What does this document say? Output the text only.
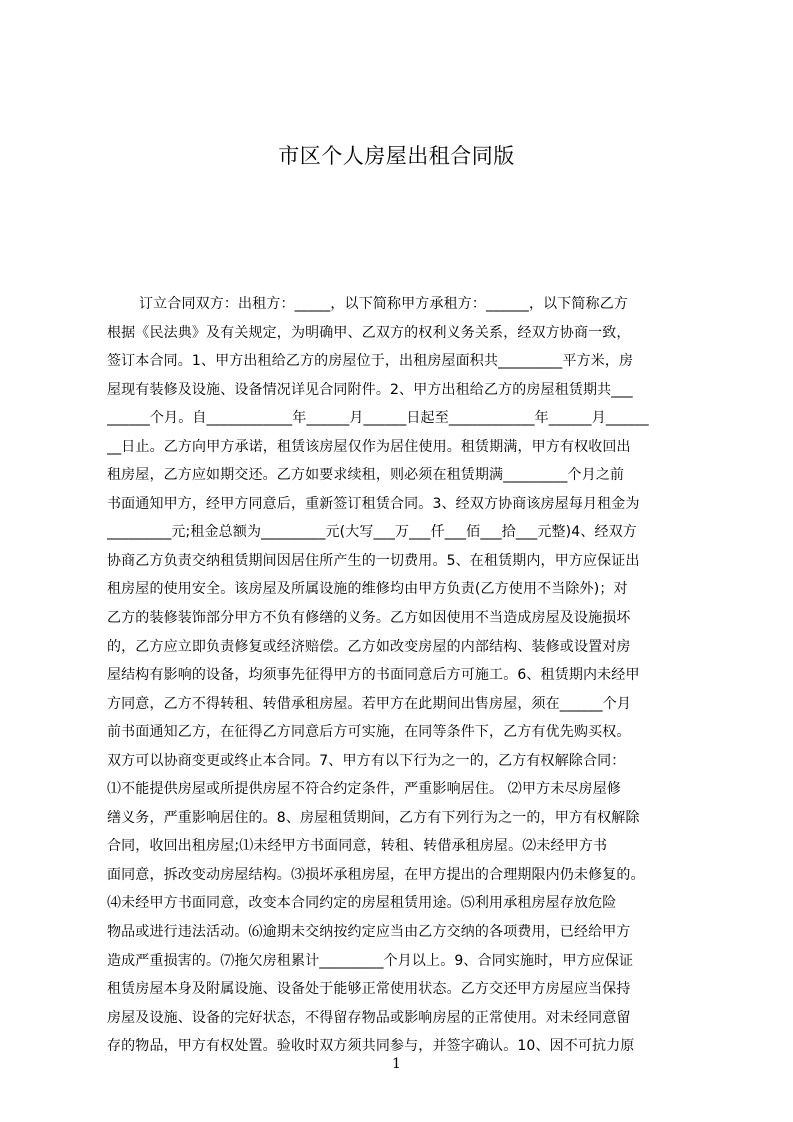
市区个人房屋出租合同版
订立合同双方：出租方：_____，以下简称甲方承租方：______，以下简称乙方
根据《民法典》及有关规定，为明确甲、乙双方的权利义务关系，经双方协商一致，
签订本合同。1、甲方出租给乙方的房屋位于，出租房屋面积共_________平方米，房
屋现有装修及设施、设备情况详见合同附件。2、甲方出租给乙方的房屋租赁期共___
______个月。自____________年______月______日起至____________年______月______
__日止。乙方向甲方承诺，租赁该房屋仅作为居住使用。租赁期满，甲方有权收回出
租房屋，乙方应如期交还。乙方如要求续租，则必须在租赁期满_________个月之前
书面通知甲方，经甲方同意后，重新签订租赁合同。3、经双方协商该房屋每月租金为
_________元;租金总额为_________元(大写___万___仟___佰___拾___元整)4、经双方
协商乙方负责交纳租赁期间因居住所产生的一切费用。5、在租赁期内，甲方应保证出
租房屋的使用安全。该房屋及所属设施的维修均由甲方负责(乙方使用不当除外)；对
乙方的装修装饰部分甲方不负有修缮的义务。乙方如因使用不当造成房屋及设施损坏
的，乙方应立即负责修复或经济赔偿。乙方如改变房屋的内部结构、装修或设置对房
屋结构有影响的设备，均须事先征得甲方的书面同意后方可施工。6、租赁期内未经甲
方同意，乙方不得转租、转借承租房屋。若甲方在此期间出售房屋，须在______个月
前书面通知乙方，在征得乙方同意后方可实施，在同等条件下，乙方有优先购买权。
双方可以协商变更或终止本合同。7、甲方有以下行为之一的，乙方有权解除合同：
⑴不能提供房屋或所提供房屋不符合约定条件，严重影响居住。 ⑵甲方未尽房屋修
缮义务，严重影响居住的。8、房屋租赁期间，乙方有下列行为之一的，甲方有权解除
合同，收回出租房屋;⑴未经甲方书面同意，转租、转借承租房屋。⑵未经甲方书
面同意，拆改变动房屋结构。⑶损坏承租房屋，在甲方提出的合理期限内仍未修复的。
⑷未经甲方书面同意，改变本合同约定的房屋租赁用途。⑸利用承租房屋存放危险
物品或进行违法活动。⑹逾期未交纳按约定应当由乙方交纳的各项费用，已经给甲方
造成严重损害的。⑺拖欠房租累计_________个月以上。9、合同实施时，甲方应保证
租赁房屋本身及附属设施、设备处于能够正常使用状态。乙方交还甲方房屋应当保持
房屋及设施、设备的完好状态，不得留存物品或影响房屋的正常使用。对未经同意留
存的物品，甲方有权处置。验收时双方须共同参与，并签字确认。10、因不可抗力原
1
